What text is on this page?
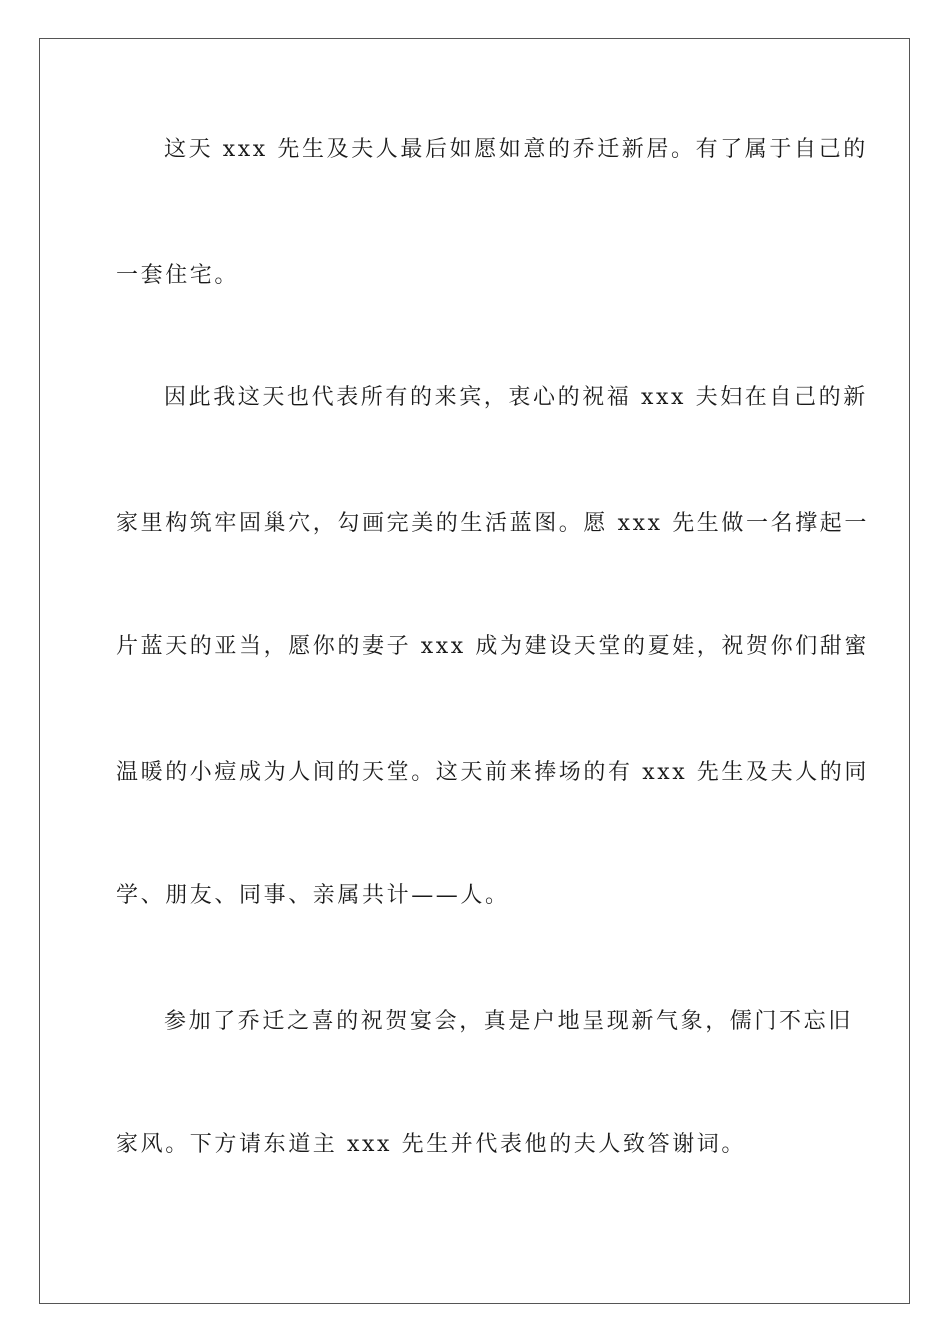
这天 xxx 先生及夫人最后如愿如意的乔迁新居。有了属于自己的

一套住宅。

因此我这天也代表所有的来宾，衷心的祝福 xxx 夫妇在自己的新

家里构筑牢固巢穴，勾画完美的生活蓝图。愿 xxx 先生做一名撑起一

片蓝天的亚当，愿你的妻子 xxx 成为建设天堂的夏娃，祝贺你们甜蜜

温暖的小痘成为人间的天堂。这天前来捧场的有 xxx 先生及夫人的同

学、朋友、同事、亲属共计——人。

参加了乔迁之喜的祝贺宴会，真是户地呈现新气象，儒门不忘旧

家风。下方请东道主 xxx 先生并代表他的夫人致答谢词。
